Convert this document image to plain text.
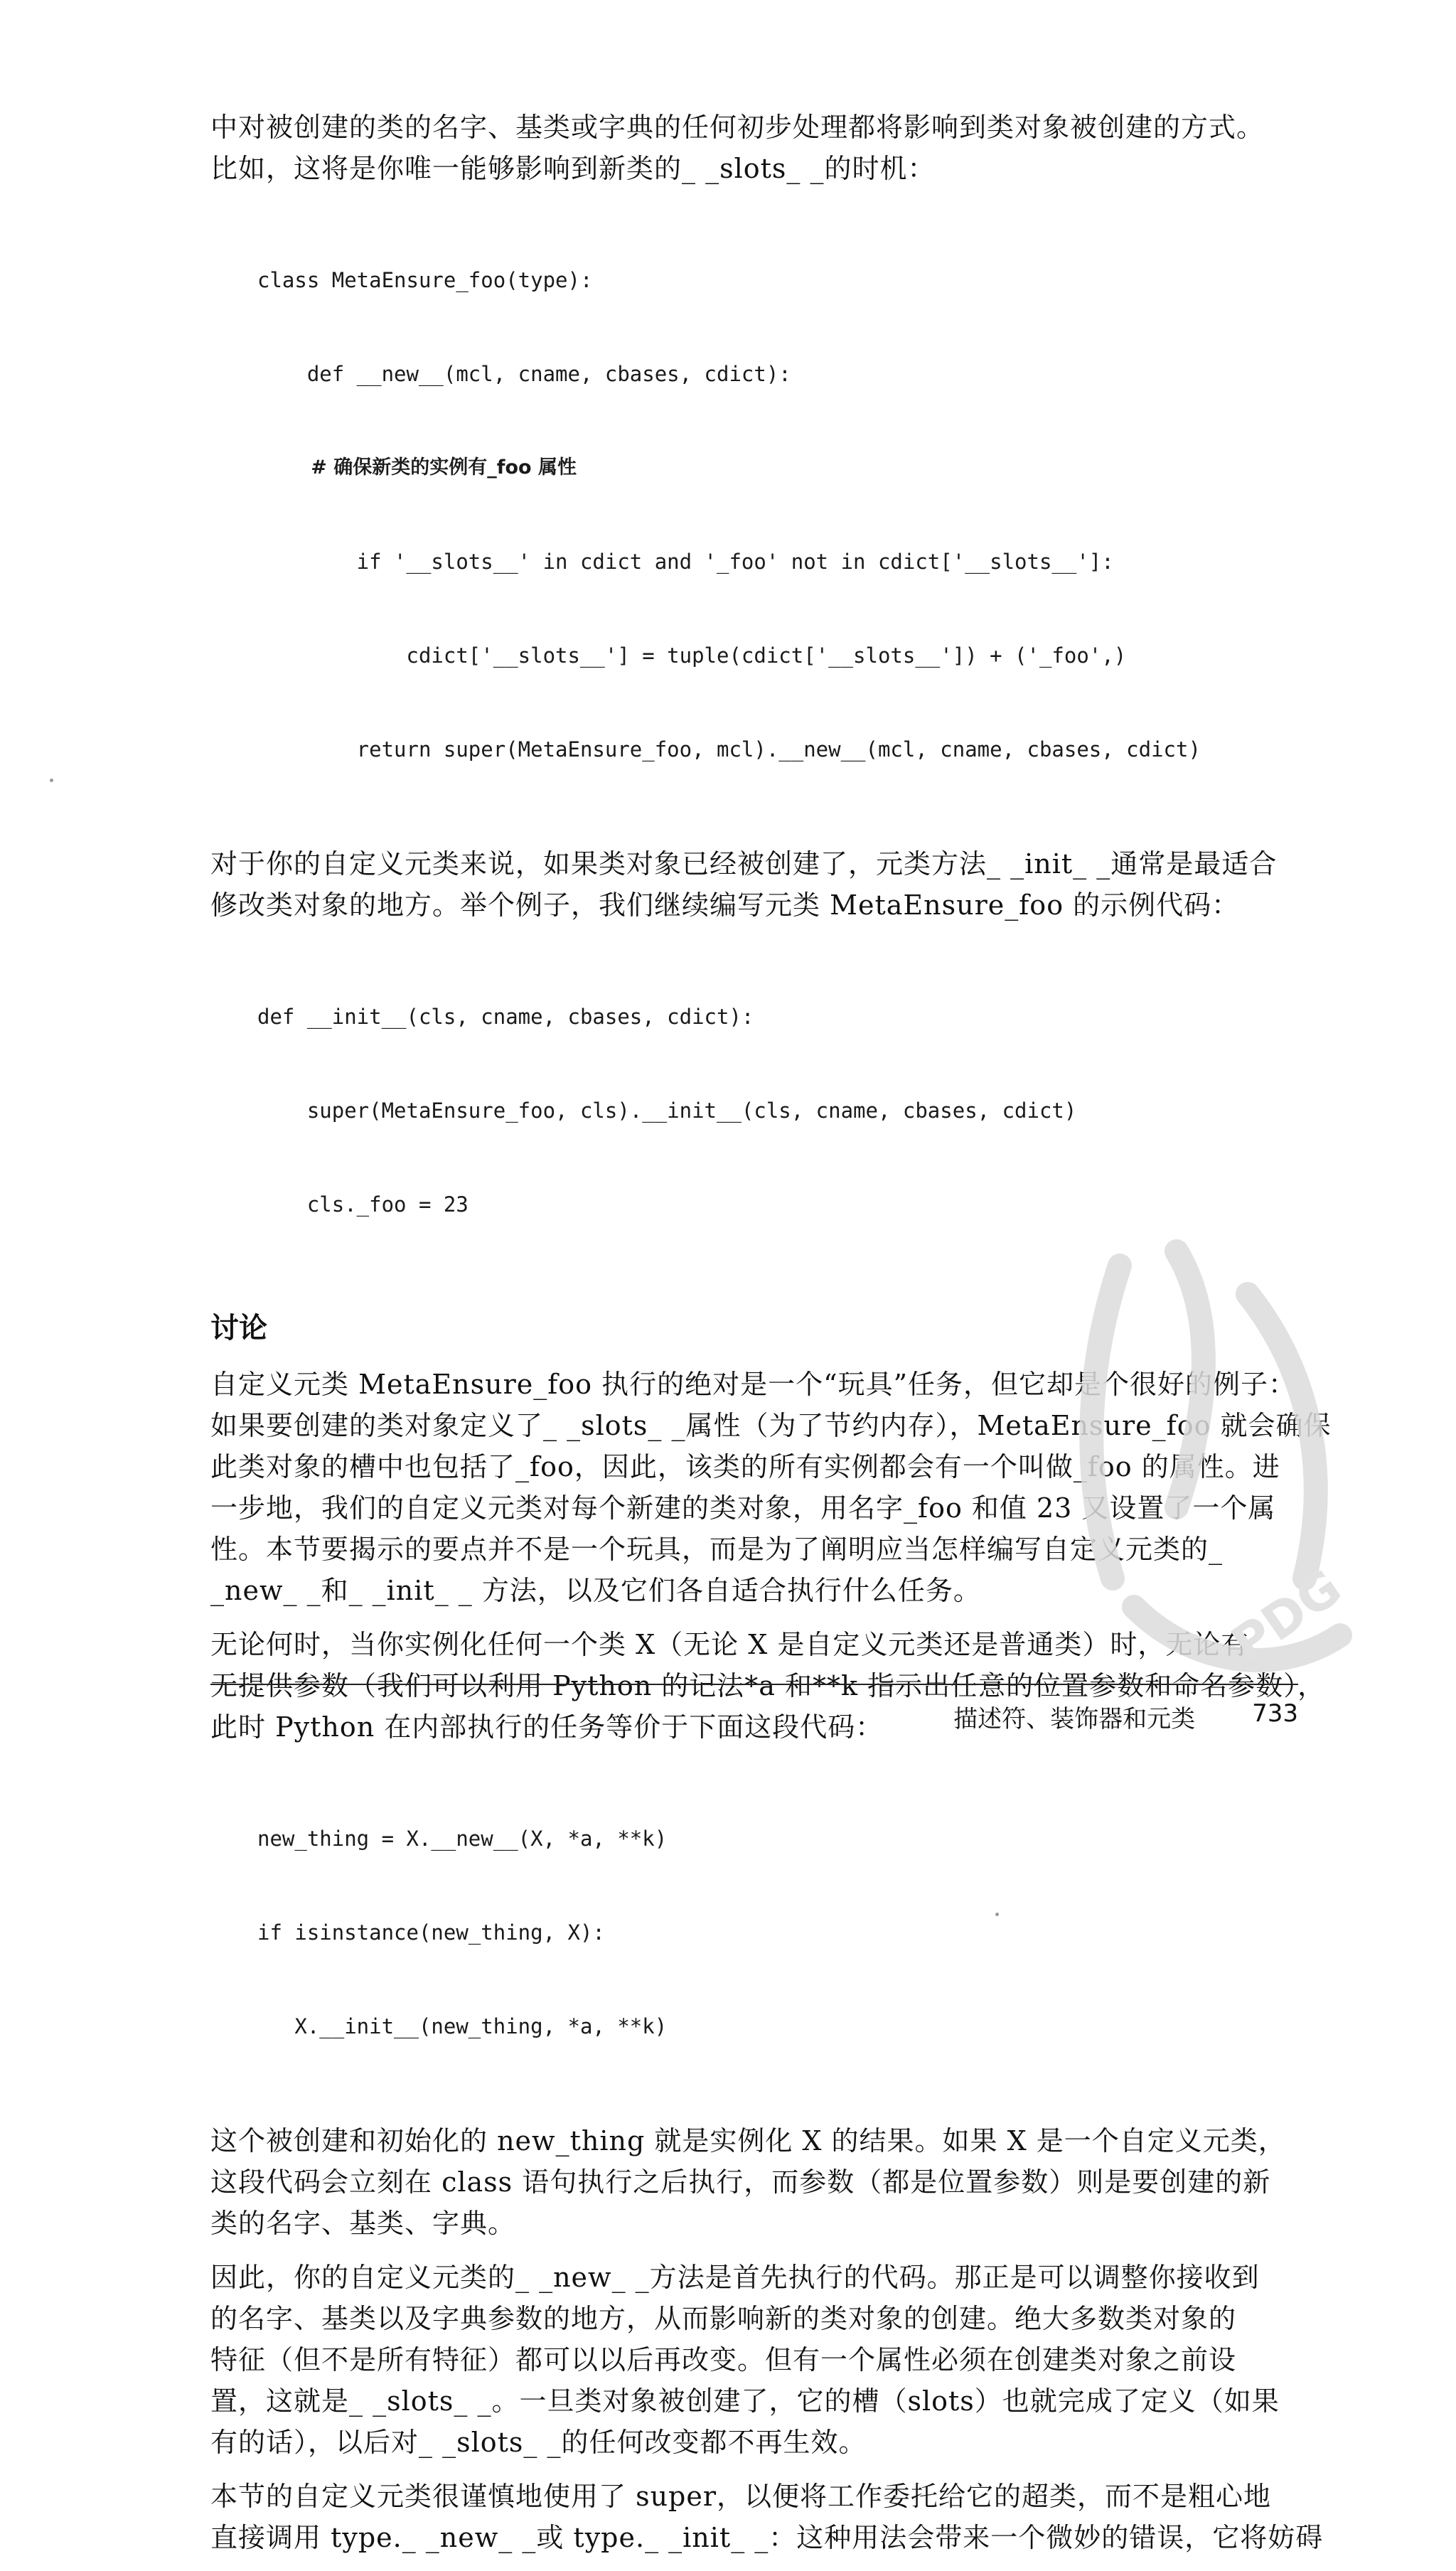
中对被创建的类的名字、基类或字典的任何初步处理都将影响到类对象被创建的方式。
比如，这将是你唯一能够影响到新类的_ _slots_ _的时机：

class MetaEnsure_foo(type):

def __new__(mcl, cname, cbases, cdict):

# 确保新类的实例有_foo 属性

if '__slots__' in cdict and '_foo' not in cdict['__slots__']:

cdict['__slots__'] = tuple(cdict['__slots__']) + ('_foo',)

return super(MetaEnsure_foo, mcl).__new__(mcl, cname, cbases, cdict)

对于你的自定义元类来说，如果类对象已经被创建了，元类方法_ _init_ _通常是最适合
修改类对象的地方。举个例子，我们继续编写元类 MetaEnsure_foo 的示例代码：

def __init__(cls, cname, cbases, cdict):

super(MetaEnsure_foo, cls).__init__(cls, cname, cbases, cdict)

cls._foo = 23

讨论
自定义元类 MetaEnsure_foo 执行的绝对是一个“玩具”任务，但它却是个很好的例子：
如果要创建的类对象定义了_ _slots_ _属性（为了节约内存），MetaEnsure_foo 就会确保
此类对象的槽中也包括了_foo，因此，该类的所有实例都会有一个叫做_foo 的属性。进
一步地，我们的自定义元类对每个新建的类对象，用名字_foo 和值 23 又设置了一个属
性。本节要揭示的要点并不是一个玩具，而是为了阐明应当怎样编写自定义元类的_
_new_ _和_ _init_ _ 方法，以及它们各自适合执行什么任务。
无论何时，当你实例化任何一个类 X（无论 X 是自定义元类还是普通类）时，无论有
无提供参数（我们可以利用 Python 的记法*a 和**k 指示出任意的位置参数和命名参数），
此时 Python 在内部执行的任务等价于下面这段代码：

new_thing = X.__new__(X, *a, **k)

if isinstance(new_thing, X):

X.__init__(new_thing, *a, **k)

这个被创建和初始化的 new_thing 就是实例化 X 的结果。如果 X 是一个自定义元类，
这段代码会立刻在 class 语句执行之后执行，而参数（都是位置参数）则是要创建的新
类的名字、基类、字典。
因此，你的自定义元类的_ _new_ _方法是首先执行的代码。那正是可以调整你接收到
的名字、基类以及字典参数的地方，从而影响新的类对象的创建。绝大多数类对象的
特征（但不是所有特征）都可以以后再改变。但有一个属性必须在创建类对象之前设
置，这就是_ _slots_ _。一旦类对象被创建了，它的槽（slots）也就完成了定义（如果
有的话），以后对_ _slots_ _的任何改变都不再生效。
本节的自定义元类很谨慎地使用了 super，以便将工作委托给它的超类，而不是粗心地
直接调用 type._ _new_ _或 type._ _init_ _：这种用法会带来一个微妙的错误，它将妨碍
描述符、装饰器和元类 733
PDG
